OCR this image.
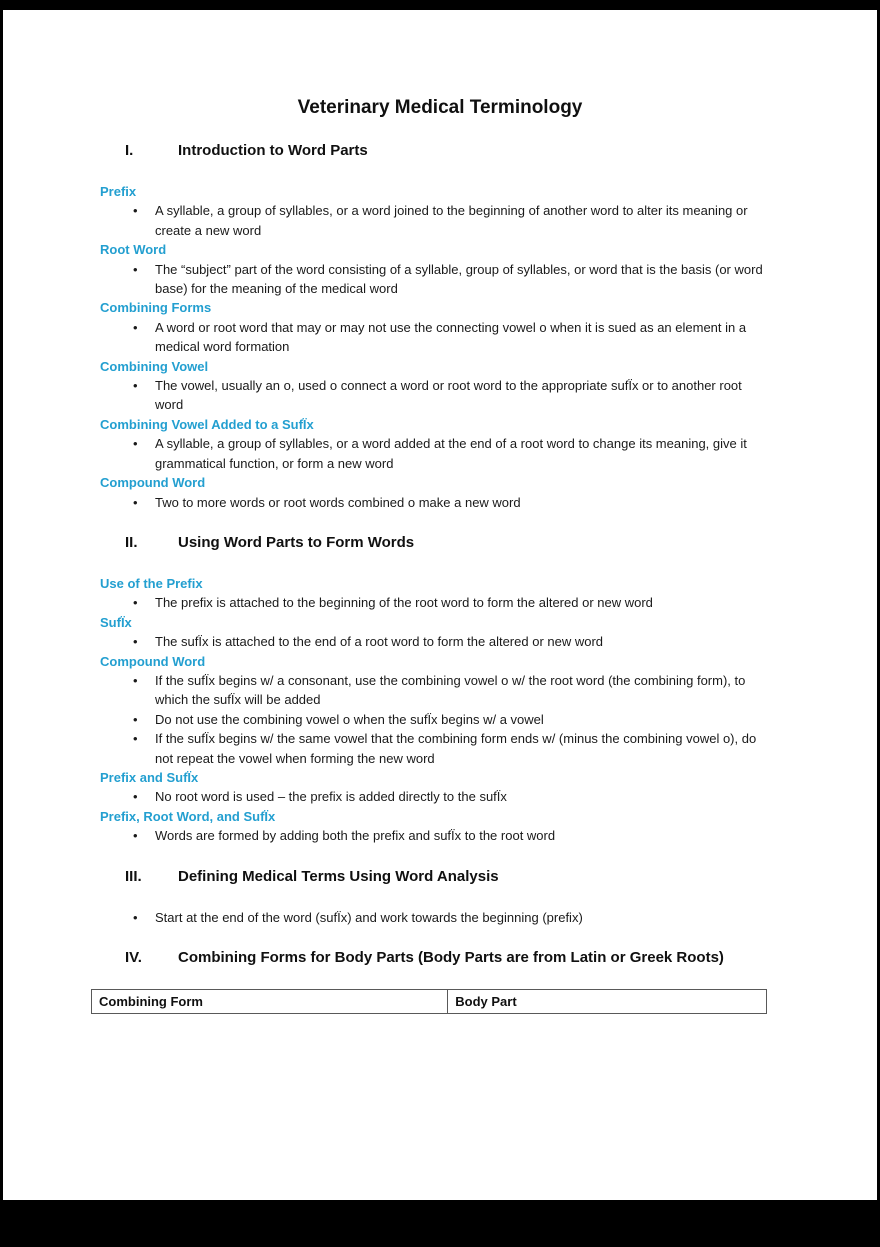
Veterinary Medical Terminology
I.	Introduction to Word Parts
Prefix
•
A syllable, a group of syllables, or a word joined to the beginning of another word to alter its meaning or create a new word
Root Word
•
The “subject” part of the word consisting of a syllable, group of syllables, or word that is the basis (or word base) for the meaning of the medical word
Combining Forms
•
A word or root word that may or may not use the connecting vowel o when it is sued as an element in a medical word formation
Combining Vowel
•
The vowel, usually an o, used o connect a word or root word to the appropriate sufÏx or to another root word
Combining Vowel Added to a SufÏx
•
A syllable, a group of syllables, or a word added at the end of a root word to change its meaning, give it grammatical function, or form a new word
Compound Word
•
Two to more words or root words combined o make a new word
II.	Using Word Parts to Form Words
Use of the Prefix
•
The prefix is attached to the beginning of the root word to form the altered or new word
SufÏx
•
The sufÏx is attached to the end of a root word to form the altered or new word
Compound Word
•
If the sufÏx begins w/ a consonant, use the combining vowel o w/ the root word (the combining form), to which the sufÏx will be added
•
Do not use the combining vowel o when the sufÏx begins w/ a vowel
•
If the sufÏx begins w/ the same vowel that the combining form ends w/ (minus the combining vowel o), do not repeat the vowel when forming the new word
Prefix and SufÏx
•
No root word is used – the prefix is added directly to the sufÏx
Prefix, Root Word, and SufÏx
•
Words are formed by adding both the prefix and sufÏx to the root word
III.	Defining Medical Terms Using Word Analysis
•
Start at the end of the word (sufÏx) and work towards the beginning (prefix)
IV.	Combining Forms for Body Parts (Body Parts are from Latin or Greek Roots)
Combining Form	Body Part
